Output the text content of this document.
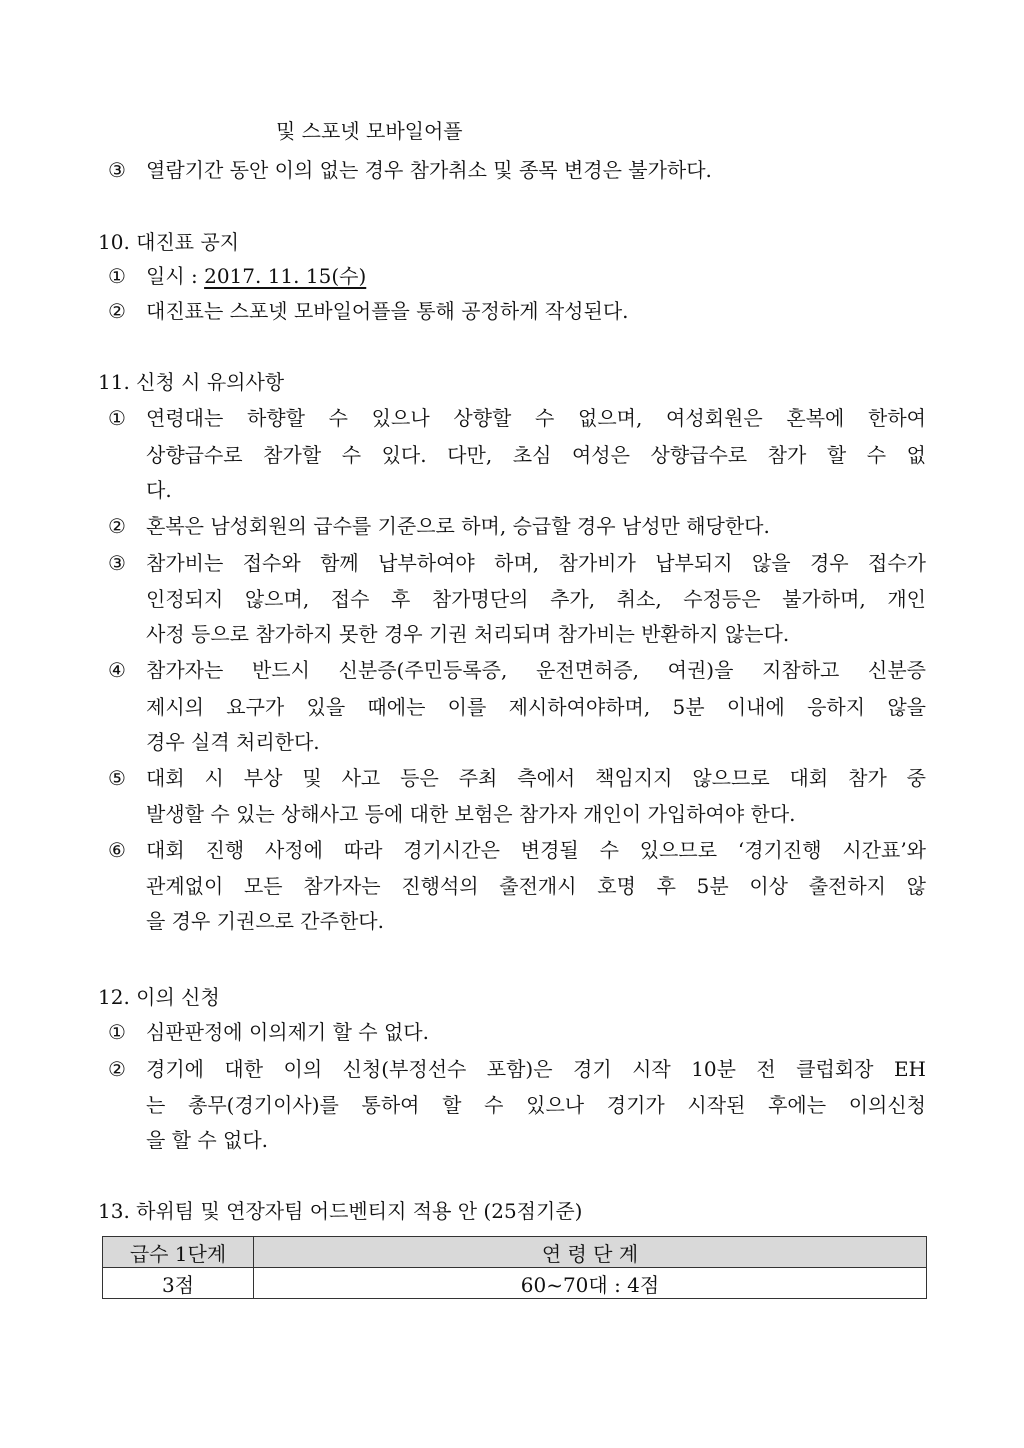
및 스포넷 모바일어플
③	열람기간 동안 이의 없는 경우 참가취소 및 종목 변경은 불가하다.
10. 대진표 공지
①	일시 : 2017. 11. 15(수)
②	대진표는 스포넷 모바일어플을 통해 공정하게 작성된다.
11. 신청 시 유의사항
①	연령대는 하향할 수 있으나 상향할 수 없으며, 여성회원은 혼복에 한하여
상향급수로 참가할 수 있다. 다만, 초심 여성은 상향급수로 참가 할 수 없
다.
②	혼복은 남성회원의 급수를 기준으로 하며, 승급할 경우 남성만 해당한다.
③	참가비는 접수와 함께 납부하여야 하며, 참가비가 납부되지 않을 경우 접수가
인정되지 않으며, 접수 후 참가명단의 추가, 취소, 수정등은 불가하며, 개인
사정 등으로 참가하지 못한 경우 기권 처리되며 참가비는 반환하지 않는다.
④	참가자는 반드시 신분증(주민등록증, 운전면허증, 여권)을 지참하고 신분증
제시의 요구가 있을 때에는 이를 제시하여야하며, 5분 이내에 응하지 않을
경우 실격 처리한다.
⑤	대회 시 부상 및 사고 등은 주최 측에서 책임지지 않으므로 대회 참가 중
발생할 수 있는 상해사고 등에 대한 보험은 참가자 개인이 가입하여야 한다.
⑥	대회 진행 사정에 따라 경기시간은 변경될 수 있으므로 ‘경기진행 시간표’와
관계없이 모든 참가자는 진행석의 출전개시 호명 후 5분 이상 출전하지 않
을 경우 기권으로 간주한다.
12. 이의 신청
①	심판판정에 이의제기 할 수 없다.
②	경기에 대한 이의 신청(부정선수 포함)은 경기 시작 10분 전 클럽회장 EH
는 총무(경기이사)를 통하여 할 수 있으나 경기가 시작된 후에는 이의신청
을 할 수 없다.
13. 하위팀 및 연장자팀 어드벤티지 적용 안 (25점기준)
급수 1단계	연 령 단 계
3점	60~70대 : 4점
